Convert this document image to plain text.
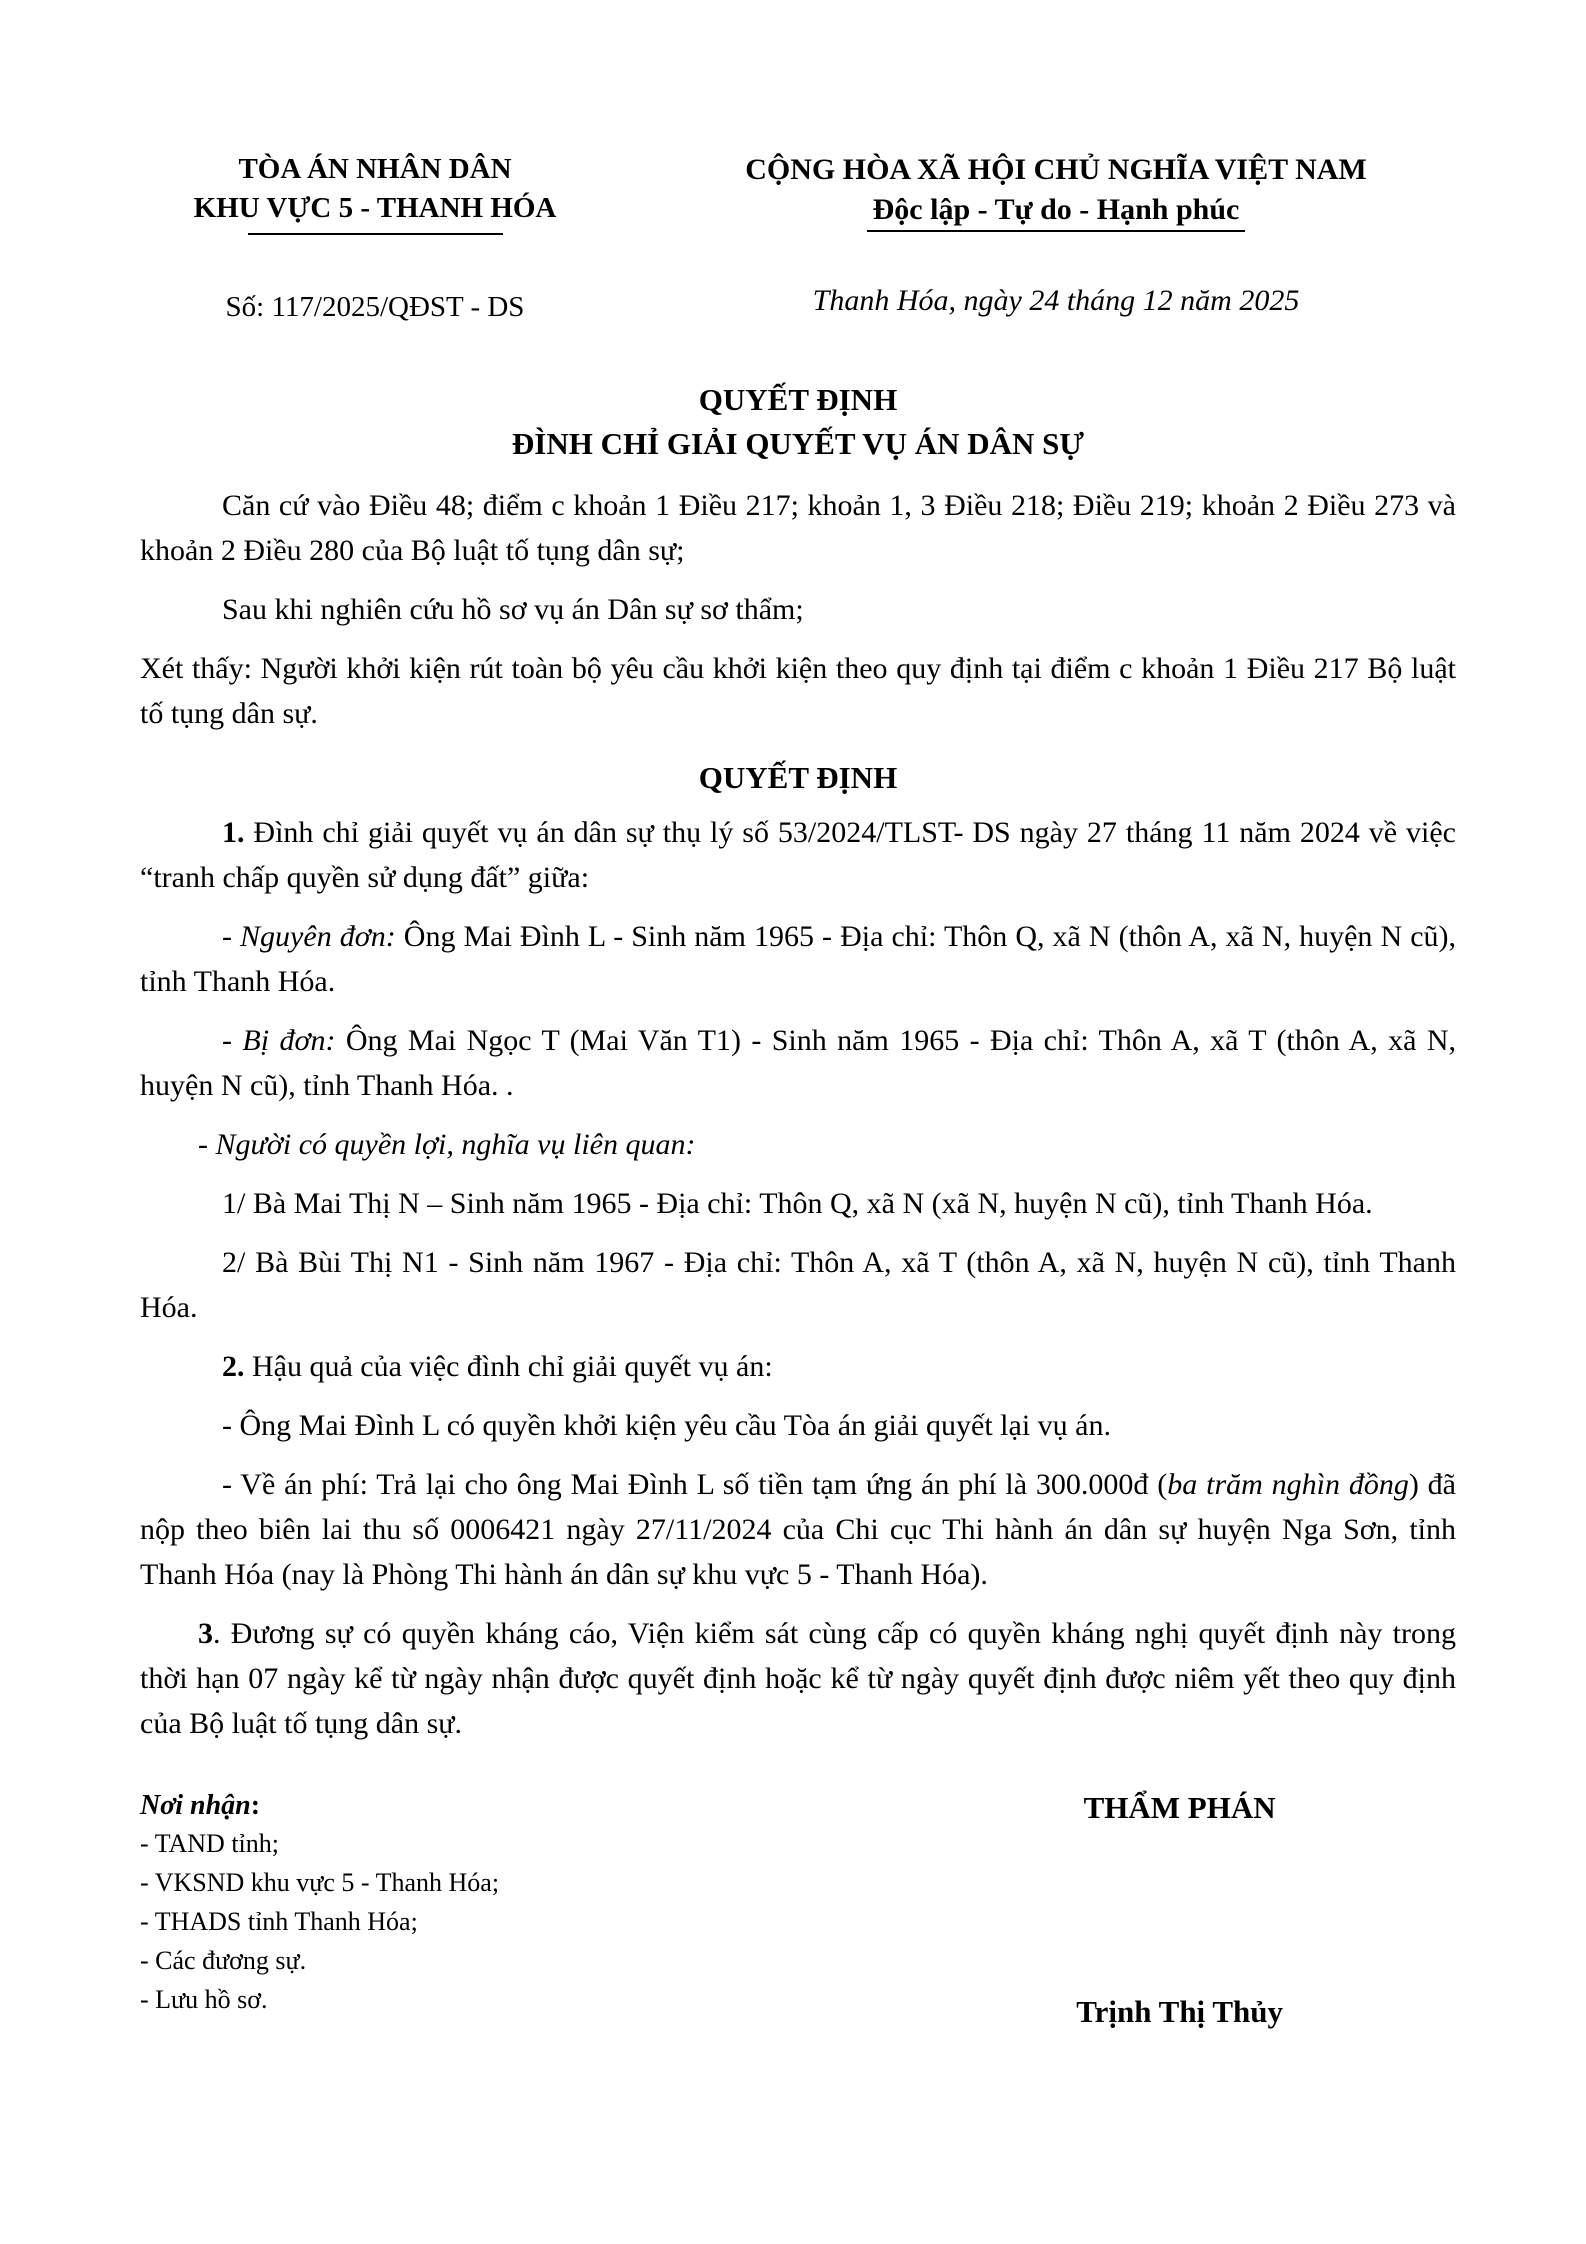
TÒA ÁN NHÂN DÂN
KHU VỰC 5 - THANH HÓA
Số: 117/2025/QĐST - DS
CỘNG HÒA XÃ HỘI CHỦ NGHĨA VIỆT NAM
Độc lập - Tự do - Hạnh phúc
Thanh Hóa, ngày 24 tháng 12 năm 2025
QUYẾT ĐỊNH
ĐÌNH CHỈ GIẢI QUYẾT VỤ ÁN DÂN SỰ

Căn cứ vào Điều 48; điểm c khoản 1 Điều 217; khoản 1, 3 Điều 218; Điều 219; khoản 2 Điều 273 và khoản 2 Điều 280 của Bộ luật tố tụng dân sự;

Sau khi nghiên cứu hồ sơ vụ án Dân sự sơ thẩm;

Xét thấy: Người khởi kiện rút toàn bộ yêu cầu khởi kiện theo quy định tại điểm c khoản 1 Điều 217 Bộ luật tố tụng dân sự.

QUYẾT ĐỊNH

1. Đình chỉ giải quyết vụ án dân sự thụ lý số 53/2024/TLST- DS ngày 27 tháng 11 năm 2024 về việc “tranh chấp quyền sử dụng đất” giữa:

- Nguyên đơn: Ông Mai Đình L - Sinh năm 1965 - Địa chỉ: Thôn Q, xã N (thôn A, xã N, huyện N cũ), tỉnh Thanh Hóa.

- Bị đơn: Ông Mai Ngọc T (Mai Văn T1) - Sinh năm 1965 - Địa chỉ: Thôn A, xã T (thôn A, xã N, huyện N cũ), tỉnh Thanh Hóa. .

- Người có quyền lợi, nghĩa vụ liên quan:

1/ Bà Mai Thị N – Sinh năm 1965 - Địa chỉ: Thôn Q, xã N (xã N, huyện N cũ), tỉnh Thanh Hóa.

2/ Bà Bùi Thị N1 - Sinh năm 1967 - Địa chỉ: Thôn A, xã T (thôn A, xã N, huyện N cũ), tỉnh Thanh Hóa.

2. Hậu quả của việc đình chỉ giải quyết vụ án:

- Ông Mai Đình L có quyền khởi kiện yêu cầu Tòa án giải quyết lại vụ án.

- Về án phí: Trả lại cho ông Mai Đình L số tiền tạm ứng án phí là 300.000đ (ba trăm nghìn đồng) đã nộp theo biên lai thu số 0006421 ngày 27/11/2024 của Chi cục Thi hành án dân sự huyện Nga Sơn, tỉnh Thanh Hóa (nay là Phòng Thi hành án dân sự khu vực 5 - Thanh Hóa).

3. Đương sự có quyền kháng cáo, Viện kiểm sát cùng cấp có quyền kháng nghị quyết định này trong thời hạn 07 ngày kể từ ngày nhận được quyết định hoặc kể từ ngày quyết định được niêm yết theo quy định của Bộ luật tố tụng dân sự.

Nơi nhận:
- TAND tỉnh;
- VKSND khu vực 5 - Thanh Hóa;
- THADS tỉnh Thanh Hóa;
- Các đương sự.
- Lưu hồ sơ.
THẨM PHÁN
Trịnh Thị Thủy
